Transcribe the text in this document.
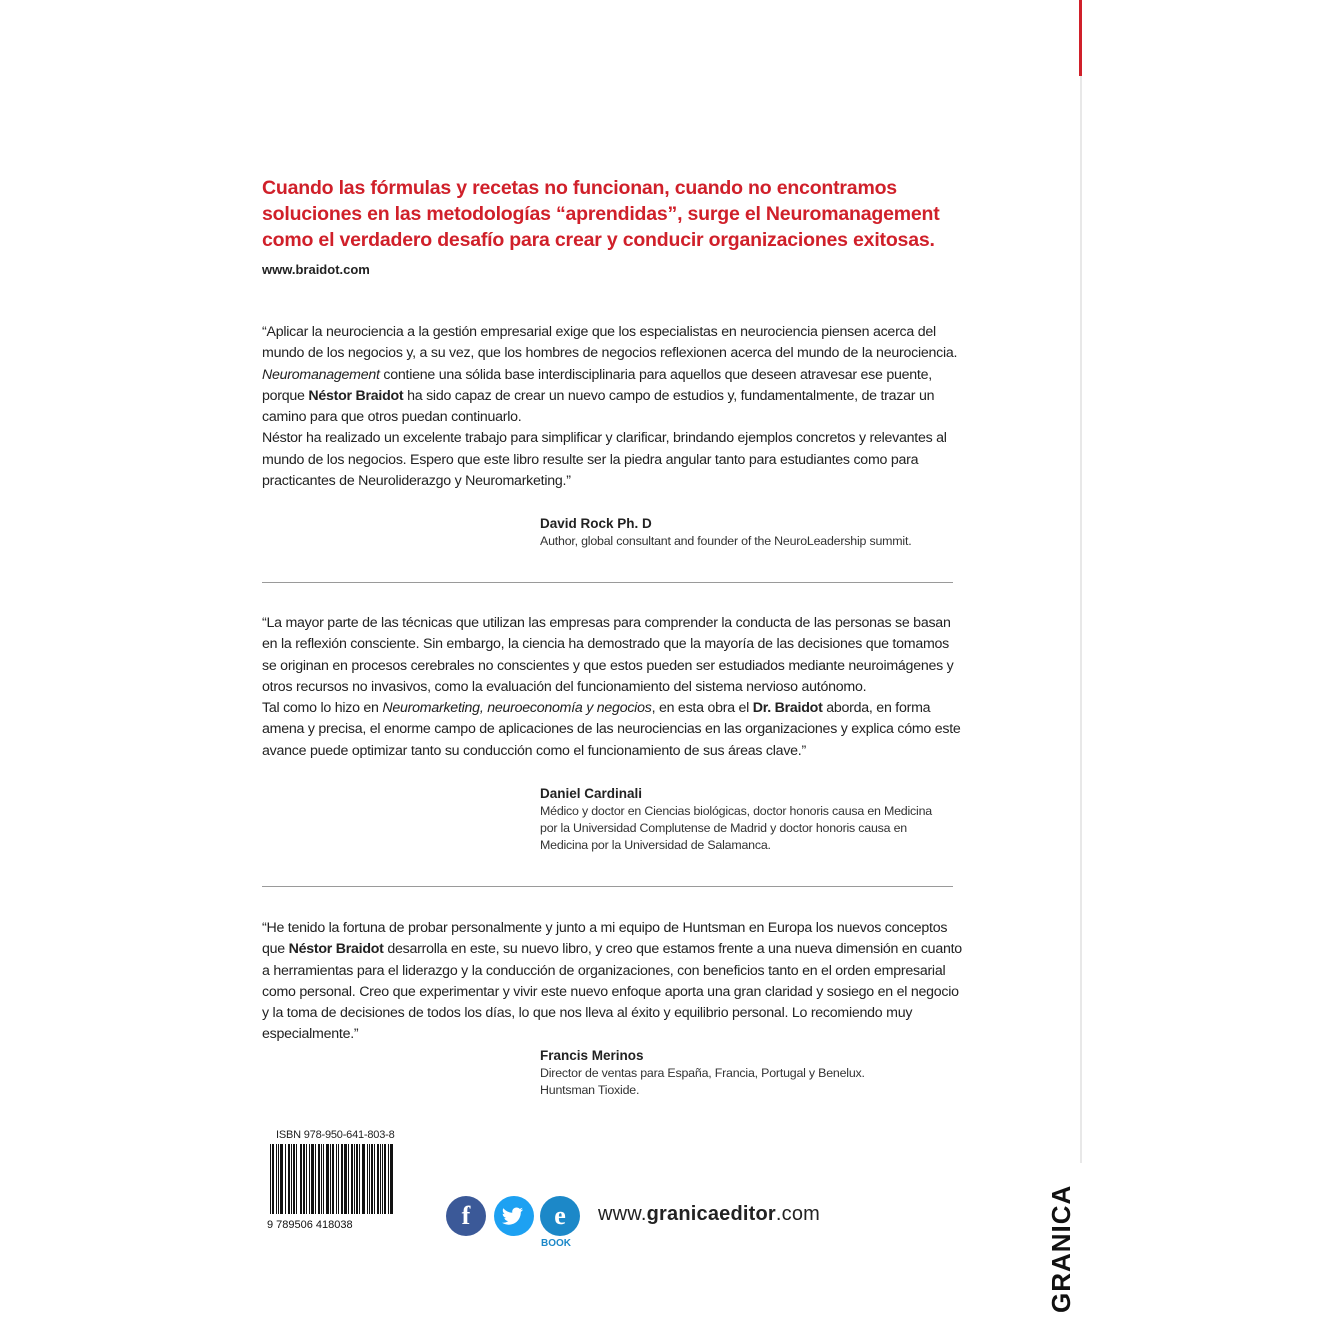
GRANICA

Cuando las fórmulas y recetas no funcionan, cuando no encontramos soluciones en las metodologías “aprendidas”, surge el Neuromanagement como el verdadero desafío para crear y conducir organizaciones exitosas.

www.braidot.com
“Aplicar la neurociencia a la gestión empresarial exige que los especialistas en neurociencia piensen acerca del mundo de los negocios y, a su vez, que los hombres de negocios reflexionen acerca del mundo de la neurociencia. Neuromanagement contiene una sólida base interdisciplinaria para aquellos que deseen atravesar ese puente, porque Néstor Braidot ha sido capaz de crear un nuevo campo de estudios y, fundamentalmente, de trazar un camino para que otros puedan continuarlo.
Néstor ha realizado un excelente trabajo para simplificar y clarificar, brindando ejemplos concretos y relevantes al mundo de los negocios. Espero que este libro resulte ser la piedra angular tanto para estudiantes como para practicantes de Neuroliderazgo y Neuromarketing.”
David Rock Ph. D
Author, global consultant and founder of the NeuroLeadership summit.
“La mayor parte de las técnicas que utilizan las empresas para comprender la conducta de las personas se basan en la reflexión consciente. Sin embargo, la ciencia ha demostrado que la mayoría de las decisiones que tomamos se originan en procesos cerebrales no conscientes y que estos pueden ser estudiados mediante neuroimágenes y otros recursos no invasivos, como la evaluación del funcionamiento del sistema nervioso autónomo.
Tal como lo hizo en Neuromarketing, neuroeconomía y negocios, en esta obra el Dr. Braidot aborda, en forma amena y precisa, el enorme campo de aplicaciones de las neurociencias en las organizaciones y explica cómo este avance puede optimizar tanto su conducción como el funcionamiento de sus áreas clave.”
Daniel Cardinali
Médico y doctor en Ciencias biológicas, doctor honoris causa en Medicina
por la Universidad Complutense de Madrid y doctor honoris causa en
Medicina por la Universidad de Salamanca.
“He tenido la fortuna de probar personalmente y junto a mi equipo de Huntsman en Europa los nuevos conceptos que Néstor Braidot desarrolla en este, su nuevo libro, y creo que estamos frente a una nueva dimensión en cuanto a herramientas para el liderazgo y la conducción de organizaciones, con beneficios tanto en el orden empresarial como personal. Creo que experimentar y vivir este nuevo enfoque aporta una gran claridad y sosiego en el negocio y la toma de decisiones de todos los días, lo que nos lleva al éxito y equilibrio personal. Lo recomiendo muy especialmente.”
Francis Merinos
Director de ventas para España, Francia, Portugal y Benelux.
Huntsman Tioxide.
ISBN 978-950-641-803-8
9 789506 418038	f	e
BOOK
www.granicaeditor.com
